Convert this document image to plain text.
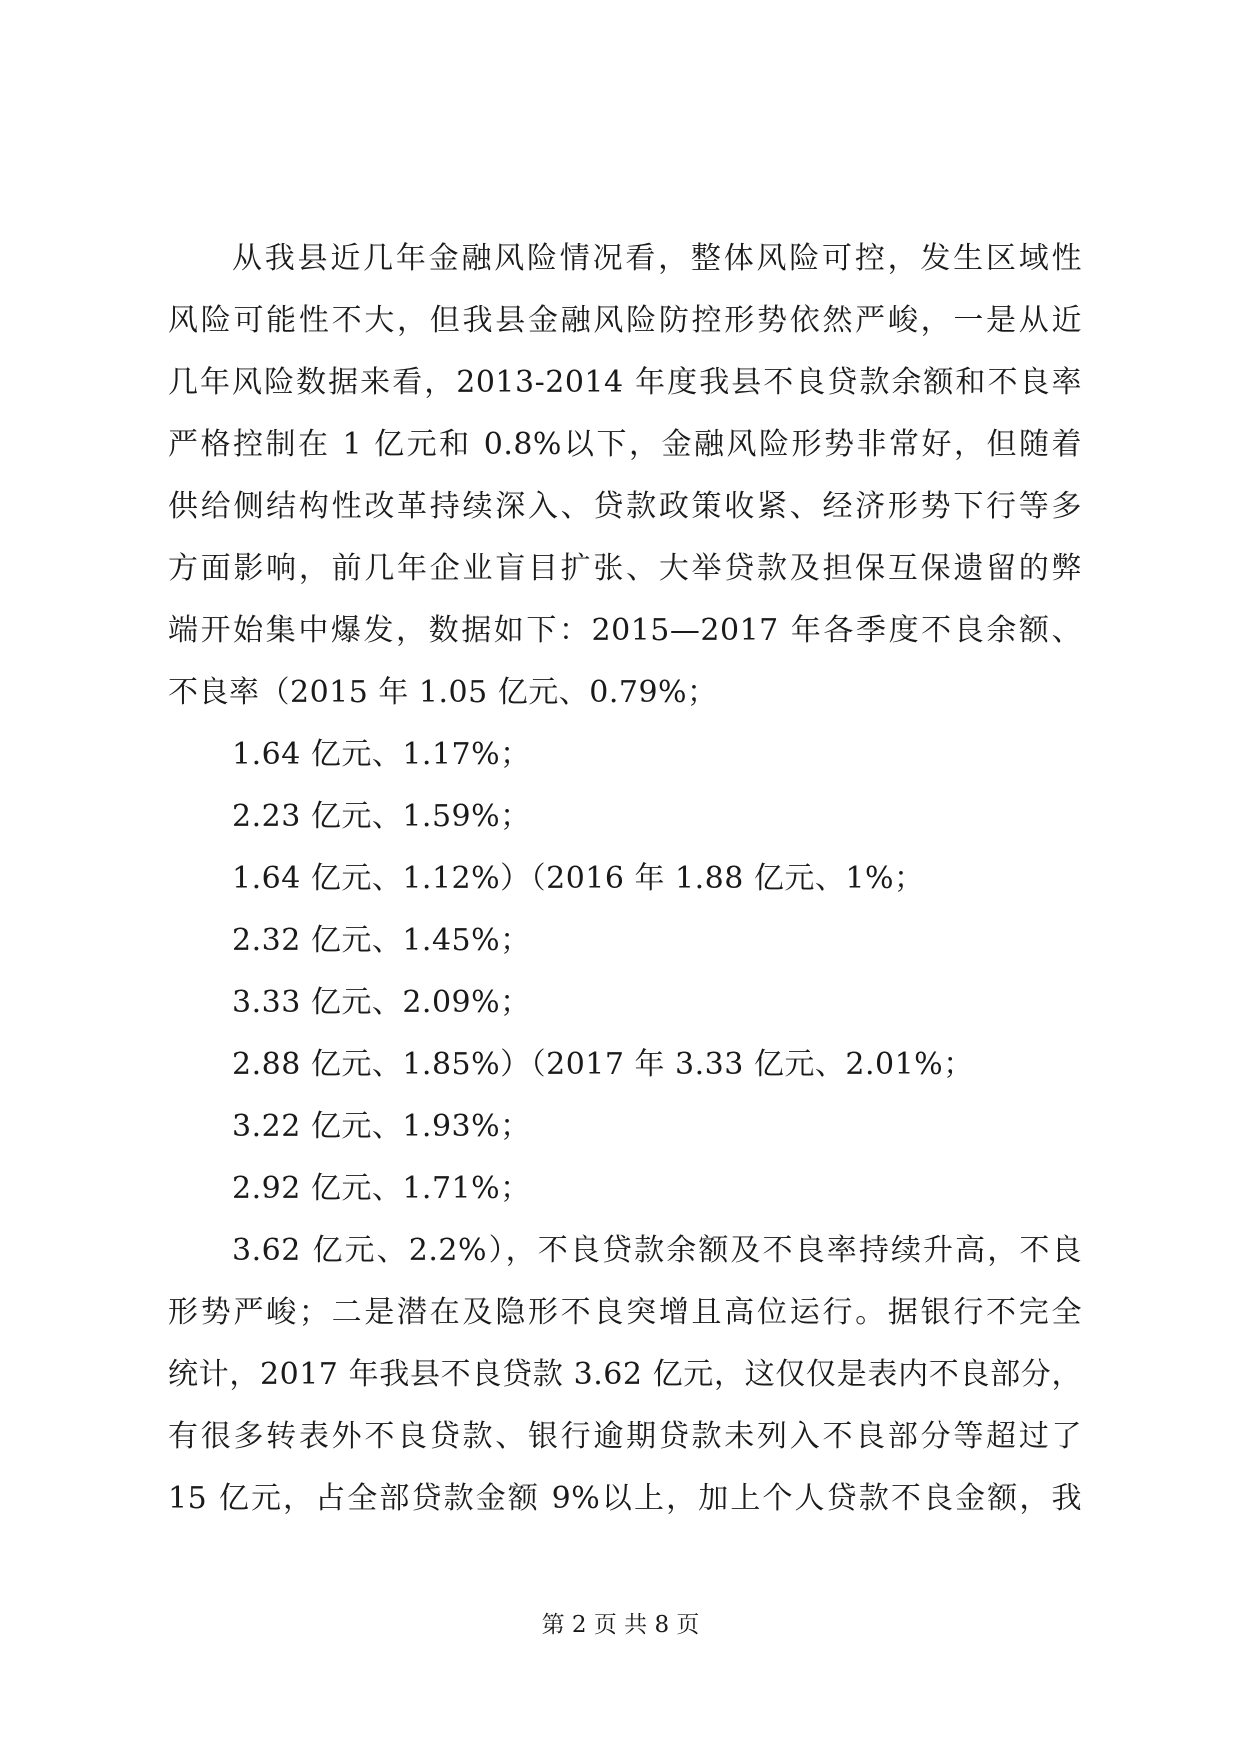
从我县近几年金融风险情况看，整体风险可控，发生区域性
风险可能性不大，但我县金融风险防控形势依然严峻，一是从近
几年风险数据来看，2013-2014 年度我县不良贷款余额和不良率
严格控制在 1 亿元和 0.8%以下，金融风险形势非常好，但随着
供给侧结构性改革持续深入、贷款政策收紧、经济形势下行等多
方面影响，前几年企业盲目扩张、大举贷款及担保互保遗留的弊
端开始集中爆发，数据如下：2015—2017 年各季度不良余额、
不良率（2015 年 1.05 亿元、0.79%；
1.64 亿元、1.17%；
2.23 亿元、1.59%；
1.64 亿元、1.12%）（2016 年 1.88 亿元、1%；
2.32 亿元、1.45%；
3.33 亿元、2.09%；
2.88 亿元、1.85%）（2017 年 3.33 亿元、2.01%；
3.22 亿元、1.93%；
2.92 亿元、1.71%；
3.62 亿元、2.2%），不良贷款余额及不良率持续升高，不良
形势严峻；二是潜在及隐形不良突增且高位运行。据银行不完全
统计，2017 年我县不良贷款 3.62 亿元，这仅仅是表内不良部分，
有很多转表外不良贷款、银行逾期贷款未列入不良部分等超过了
15 亿元，占全部贷款金额 9%以上，加上个人贷款不良金额，我
第 2 页 共 8 页
